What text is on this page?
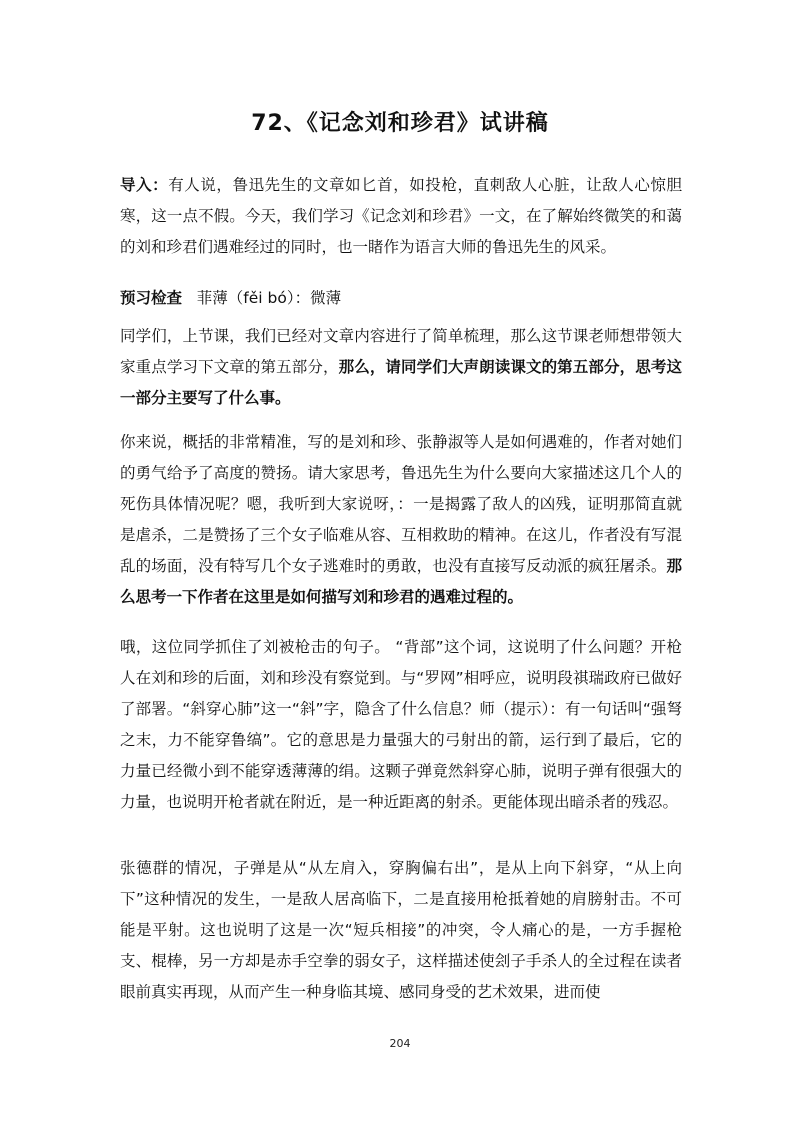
72、《记念刘和珍君》试讲稿

导入：有人说，鲁迅先生的文章如匕首，如投枪，直刺敌人心脏，让敌人心惊胆寒，这一点不假。今天，我们学习《记念刘和珍君》一文，在了解始终微笑的和蔼的刘和珍君们遇难经过的同时，也一睹作为语言大师的鲁迅先生的风采。

预习检查 菲薄（fěi bó）：微薄

同学们，上节课，我们已经对文章内容进行了简单梳理，那么这节课老师想带领大家重点学习下文章的第五部分，那么，请同学们大声朗读课文的第五部分，思考这一部分主要写了什么事。

你来说，概括的非常精准，写的是刘和珍、张静淑等人是如何遇难的，作者对她们的勇气给予了高度的赞扬。请大家思考，鲁迅先生为什么要向大家描述这几个人的死伤具体情况呢？嗯，我听到大家说呀，：一是揭露了敌人的凶残，证明那简直就是虐杀，二是赞扬了三个女子临难从容、互相救助的精神。在这儿，作者没有写混乱的场面，没有特写几个女子逃难时的勇敢，也没有直接写反动派的疯狂屠杀。那么思考一下作者在这里是如何描写刘和珍君的遇难过程的。

哦，这位同学抓住了刘被枪击的句子。 “背部”这个词，这说明了什么问题？开枪人在刘和珍的后面，刘和珍没有察觉到。与“罗网”相呼应，说明段祺瑞政府已做好了部署。“斜穿心肺”这一“斜”字，隐含了什么信息？师（提示）：有一句话叫“强弩之末，力不能穿鲁缟”。它的意思是力量强大的弓射出的箭，运行到了最后，它的力量已经微小到不能穿透薄薄的绢。这颗子弹竟然斜穿心肺，说明子弹有很强大的力量，也说明开枪者就在附近，是一种近距离的射杀。更能体现出暗杀者的残忍。

张德群的情况，子弹是从“从左肩入，穿胸偏右出”，是从上向下斜穿，“从上向下”这种情况的发生，一是敌人居高临下，二是直接用枪抵着她的肩膀射击。不可能是平射。这也说明了这是一次“短兵相接”的冲突，令人痛心的是，一方手握枪支、棍棒，另一方却是赤手空拳的弱女子，这样描述使刽子手杀人的全过程在读者眼前真实再现，从而产生一种身临其境、感同身受的艺术效果，进而使

204
